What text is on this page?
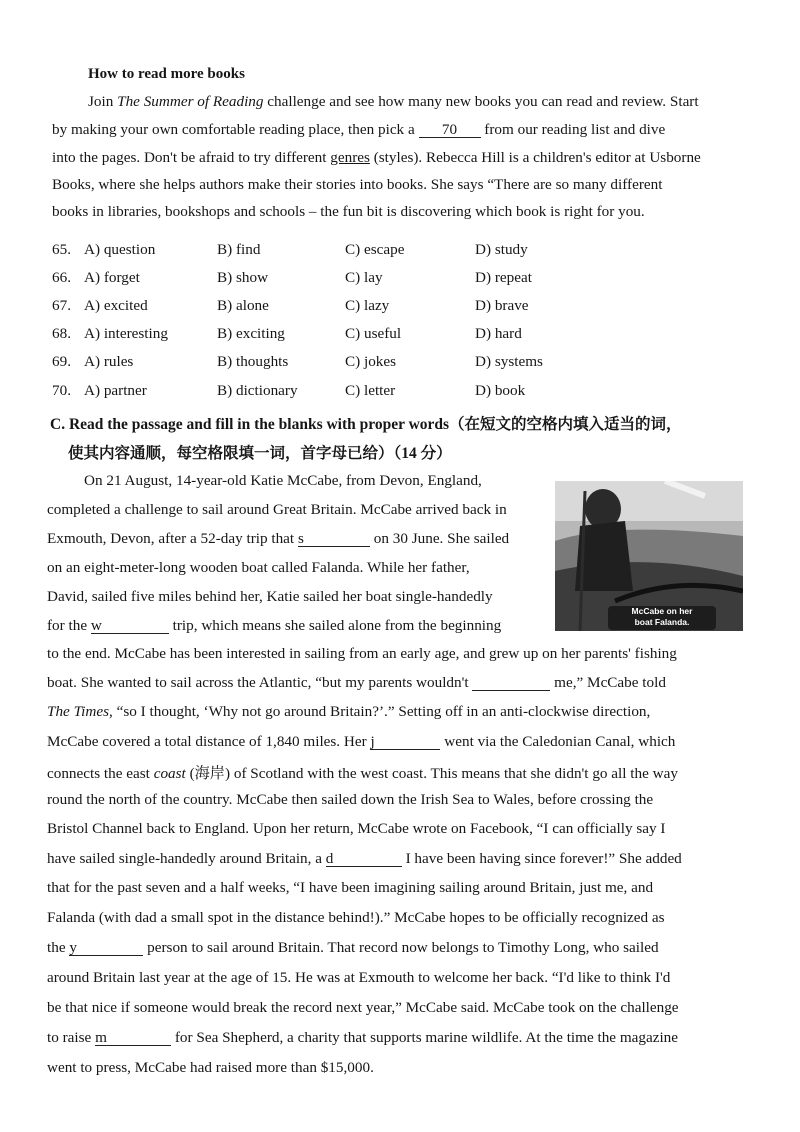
How to read more books
Join The Summer of Reading challenge and see how many new books you can read and review. Start
by making your own comfortable reading place, then pick a 70 from our reading list and dive
into the pages. Don't be afraid to try different genres (styles). Rebecca Hill is a children's editor at Usborne
Books, where she helps authors make their stories into books. She says “There are so many different
books in libraries, bookshops and schools – the fun bit is discovering which book is right for you.
65. A) question	B) find	C) escape	D) study
66. A) forget	B) show	C) lay	D) repeat
67. A) excited	B) alone	C) lazy	D) brave
68. A) interesting	B) exciting	C) useful	D) hard
69. A) rules	B) thoughts	C) jokes	D) systems
70. A) partner	B) dictionary	C) letter	D) book
C. Read the passage and fill in the blanks with proper words（在短文的空格内填入适当的词，
使其内容通顺，每空格限填一词，首字母已给）（14 分）
McCabe on her
boat Falanda.
On 21 August, 14-year-old Katie McCabe, from Devon, England,
completed a challenge to sail around Great Britain. McCabe arrived back in
Exmouth, Devon, after a 52-day trip that s	on 30 June. She sailed
on an eight-meter-long wooden boat called Falanda. While her father,
David, sailed five miles behind her, Katie sailed her boat single-handedly
for the w	trip, which means she sailed alone from the beginning
to the end. McCabe has been interested in sailing from an early age, and grew up on her parents' fishing
boat. She wanted to sail across the Atlantic, “but my parents wouldn't	me,” McCabe told
The Times, “so I thought, ‘Why not go around Britain?’.” Setting off in an anti-clockwise direction,
McCabe covered a total distance of 1,840 miles. Her j	went via the Caledonian Canal, which
connects the east coast (海岸) of Scotland with the west coast. This means that she didn't go all the way
round the north of the country. McCabe then sailed down the Irish Sea to Wales, before crossing the
Bristol Channel back to England. Upon her return, McCabe wrote on Facebook, “I can officially say I
have sailed single-handedly around Britain, a d	I have been having since forever!” She added
that for the past seven and a half weeks, “I have been imagining sailing around Britain, just me, and
Falanda (with dad a small spot in the distance behind!).” McCabe hopes to be officially recognized as
the y	person to sail around Britain. That record now belongs to Timothy Long, who sailed
around Britain last year at the age of 15. He was at Exmouth to welcome her back. “I'd like to think I'd
be that nice if someone would break the record next year,” McCabe said. McCabe took on the challenge
to raise m	for Sea Shepherd, a charity that supports marine wildlife. At the time the magazine
went to press, McCabe had raised more than $15,000.
